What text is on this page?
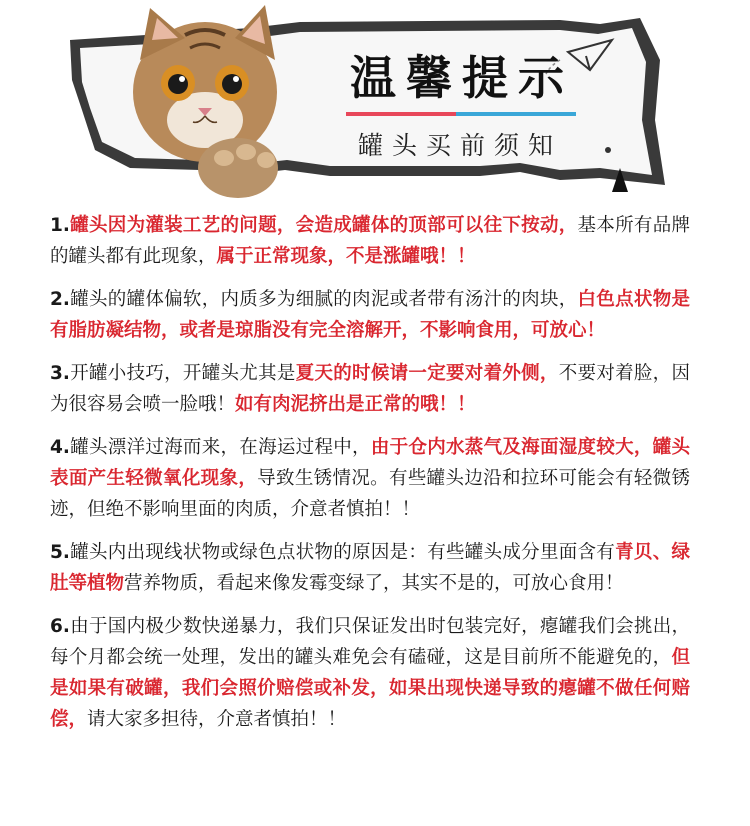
温馨提示
罐头买前须知

1.罐头因为灌装工艺的问题，会造成罐体的顶部可以往下按动，基本所有品牌的罐头都有此现象，属于正常现象，不是涨罐哦！！

2.罐头的罐体偏软，内质多为细腻的肉泥或者带有汤汁的肉块，白色点状物是有脂肪凝结物，或者是琼脂没有完全溶解开，不影响食用，可放心！

3.开罐小技巧，开罐头尤其是夏天的时候请一定要对着外侧，不要对着脸，因为很容易会喷一脸哦！如有肉泥挤出是正常的哦！！

4.罐头漂洋过海而来，在海运过程中，由于仓内水蒸气及海面湿度较大，罐头表面产生轻微氧化现象，导致生锈情况。有些罐头边沿和拉环可能会有轻微锈迹，但绝不影响里面的肉质，介意者慎拍！！

5.罐头内出现线状物或绿色点状物的原因是：有些罐头成分里面含有青贝、绿肚等植物营养物质，看起来像发霉变绿了，其实不是的，可放心食用！

6.由于国内极少数快递暴力，我们只保证发出时包装完好，瘪罐我们会挑出，每个月都会统一处理，发出的罐头难免会有磕碰，这是目前所不能避免的，但是如果有破罐，我们会照价赔偿或补发，如果出现快递导致的瘪罐不做任何赔偿，请大家多担待，介意者慎拍！！
